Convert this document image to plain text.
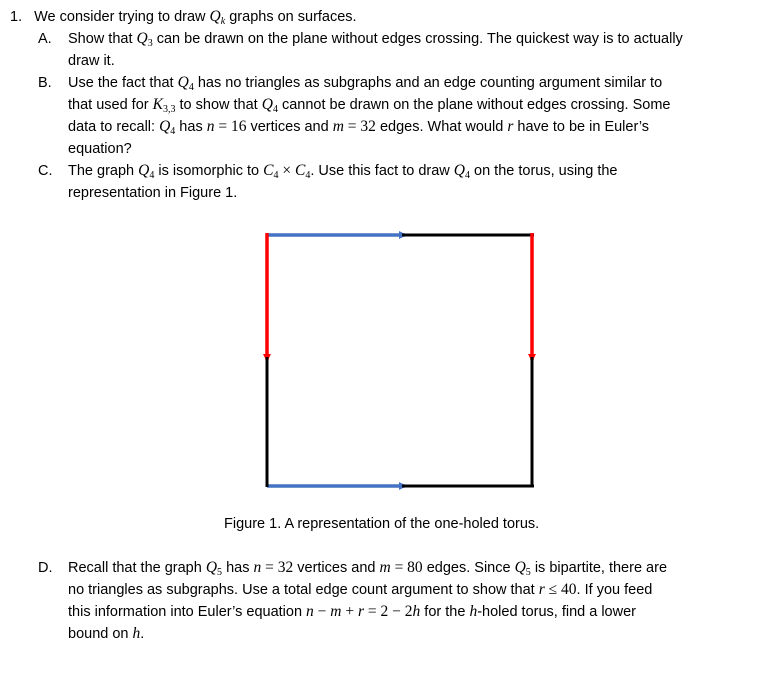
1. We consider trying to draw $Q_k$ graphs on surfaces.
A. Show that $Q_3$ can be drawn on the plane without edges crossing. The quickest way is to actually
draw it.
B. Use the fact that $Q_4$ has no triangles as subgraphs and an edge counting argument similar to
that used for $K_{3,3}$ to show that $Q_4$ cannot be drawn on the plane without edges crossing. Some
data to recall: $Q_4$ has n = 16 vertices and m = 32 edges. What would r have to be in Euler’s
equation?
C. The graph $Q_4$ is isomorphic to $C_4 \times C_4$. Use this fact to draw $Q_4$ on the torus, using the
representation in Figure 1.
Figure 1. A representation of the one-holed torus.
D. Recall that the graph $Q_5$ has n = 32 vertices and m = 80 edges. Since $Q_5$ is bipartite, there are
no triangles as subgraphs. Use a total edge count argument to show that r ≤ 40. If you feed
this information into Euler’s equation n − m + r = 2 − 2h for the h-holed torus, find a lower
bound on h.
